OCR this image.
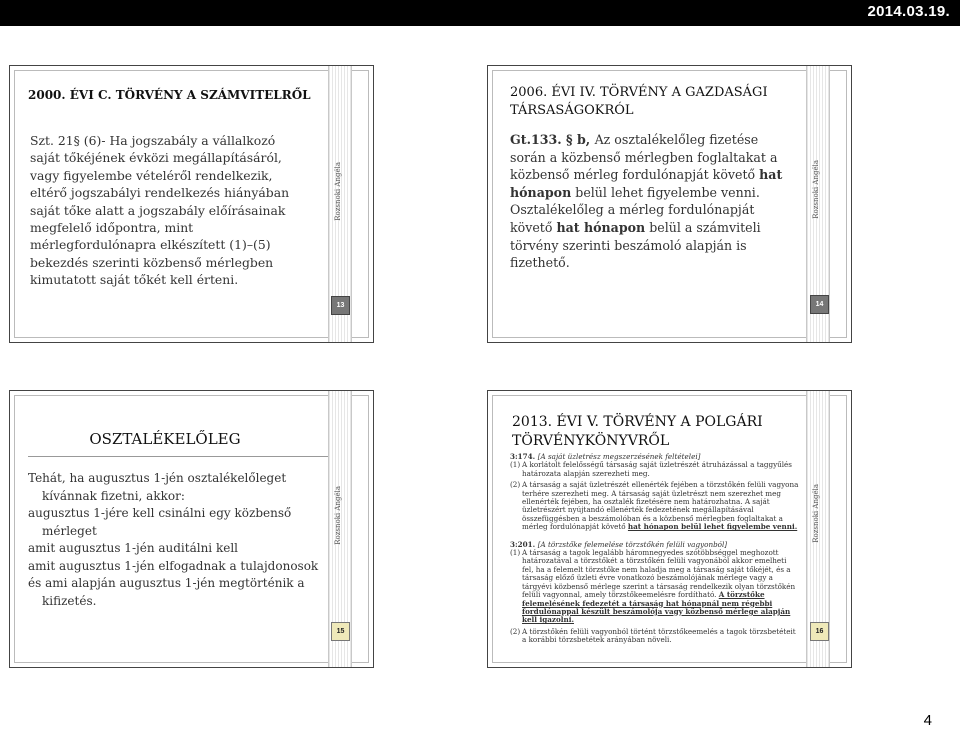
2014.03.19.
2000. ÉVI C. TÖRVÉNY A SZÁMVITELRŐL
Szt. 21§ (6)- Ha jogszabály a vállalkozó saját tőkéjének évközi megállapításáról, vagy figyelembe vételéről rendelkezik, eltérő jogszabályi rendelkezés hiányában saját tőke alatt a jogszabály előírásainak megfelelő időpontra, mint mérlegfordulónapra elkészített (1)–(5) bekezdés szerinti közbenső mérlegben kimutatott saját tőkét kell érteni.
Rozsnoki Angéla
13
2006. ÉVI IV. TÖRVÉNY A GAZDASÁGI TÁRSASÁGOKRÓL
Gt.133. § b, Az osztalékelőleg fizetése során a közbenső mérlegben foglaltakat a közbenső mérleg fordulónapját követő hat hónapon belül lehet figyelembe venni.
Osztalékelőleg a mérleg fordulónapját követő hat hónapon belül a számviteli törvény szerinti beszámoló alapján is fizethető.
Rozsnoki Angéla
14
OSZTALÉKELŐLEG

Tehát, ha augusztus 1-jén osztalékelőleget

kívánnak fizetni, akkor:

augusztus 1-jére kell csinálni egy közbenső

mérleget

amit augusztus 1-jén auditálni kell

amit augusztus 1-jén elfogadnak a tulajdonosok

és ami alapján augusztus 1-jén megtörténik a

kifizetés.

Rozsnoki Angéla
15
2013. ÉVI V. TÖRVÉNY A POLGÁRI
TÖRVÉNYKÖNYVRŐL

3:174. [A saját üzletrész megszerzésének feltételei]

(1) A korlátolt felelősségű társaság saját üzletrészét átruházással a taggyűlés határozata alapján szerezheti meg.
(2) A társaság a saját üzletrészét ellenérték fejében a törzstőkén felüli vagyona terhére szerezheti meg. A társaság saját üzletrészt nem szerezhet meg ellenérték fejében, ha osztalék fizetésére nem határozhatna. A saját üzletrészért nyújtandó ellenérték fedezetének megállapításával összefüggésben a beszámolóban és a közbenső mérlegben foglaltakat a mérleg fordulónapját követő hat hónapon belül lehet figyelembe venni.

3:201. [A törzstőke felemelése törzstőkén felüli vagyonból]

(1) A társaság a tagok legalább háromnegyedes szótöbbséggel meghozott határozatával a törzstőkét a törzstőkén felüli vagyonából akkor emelheti fel, ha a felemelt törzstőke nem haladja meg a társaság saját tőkéjét, és a társaság előző üzleti évre vonatkozó beszámolójának mérlege vagy a tárgyévi közbenső mérlege szerint a társaság rendelkezik olyan törzstőkén felüli vagyonnal, amely törzstőkeemelésre fordítható. A törzstőke felemelésének fedezetét a társaság hat hónapnál nem régebbi fordulónappal készült beszámolója vagy közbenső mérlege alapján kell igazolni.
(2) A törzstőkén felüli vagyonból történt törzstőkeemelés a tagok törzsbetéteit a korábbi törzsbetétek arányában növeli.
Rozsnoki Angéla
16
4
